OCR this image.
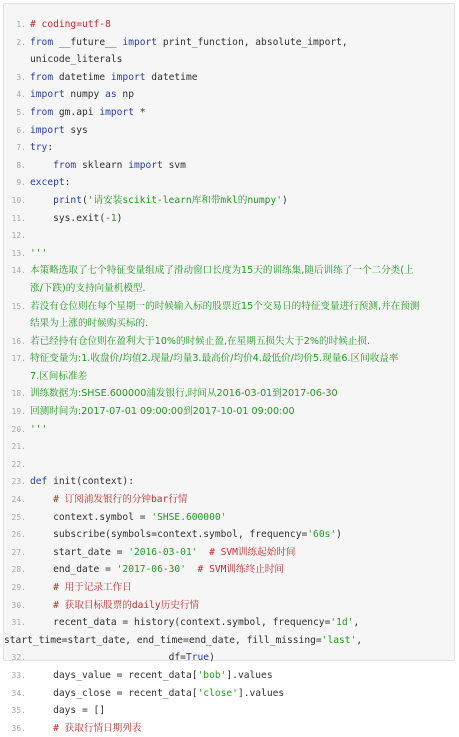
1. # coding=utf-8
2. from __future__ import print_function, absolute_import,
unicode_literals
3. from datetime import datetime
4. import numpy as np
5. from gm.api import *
6. import sys
7. try:
8.	from sklearn import svm
9. except:
10.	print('请安装scikit-learn库和带mkl的numpy')
11. sys.exit(-1)
12.
13. '''
14. 本策略选取了七个特征变量组成了滑动窗口长度为15天的训练集,随后训练了一个二分类(上
涨/下跌)的支持向量机模型.
15. 若没有仓位则在每个星期一的时候输入标的股票近15个交易日的特征变量进行预测,并在预测
结果为上涨的时候购买标的.
16. 若已经持有仓位则在盈利大于10%的时候止盈,在星期五损失大于2%的时候止损.
17. 特征变量为:1.收盘价/均值2.现量/均量3.最高价/均价4.最低价/均价5.现量6.区间收益率
7.区间标准差
18. 训练数据为:SHSE.600000浦发银行,时间从2016-03-01到2017-06-30
19. 回测时间为:2017-07-01 09:00:00到2017-10-01 09:00:00
20. '''
21.
22.
23. def init(context):
24.	# 订阅浦发银行的分钟bar行情
25. context.symbol = 'SHSE.600000'
26. subscribe(symbols=context.symbol, frequency='60s')
27. start_date = '2016-03-01' # SVM训练起始时间
28. end_date = '2017-06-30' # SVM训练终止时间
29.	# 用于记录工作日
30.	# 获取目标股票的daily历史行情
31. recent_data = history(context.symbol, frequency='1d',
start_time=start_date, end_time=end_date, fill_missing='last',
32. df=True)
33. days_value = recent_data['bob'].values
34. days_close = recent_data['close'].values
35. days = []
36.	# 获取行情日期列表
